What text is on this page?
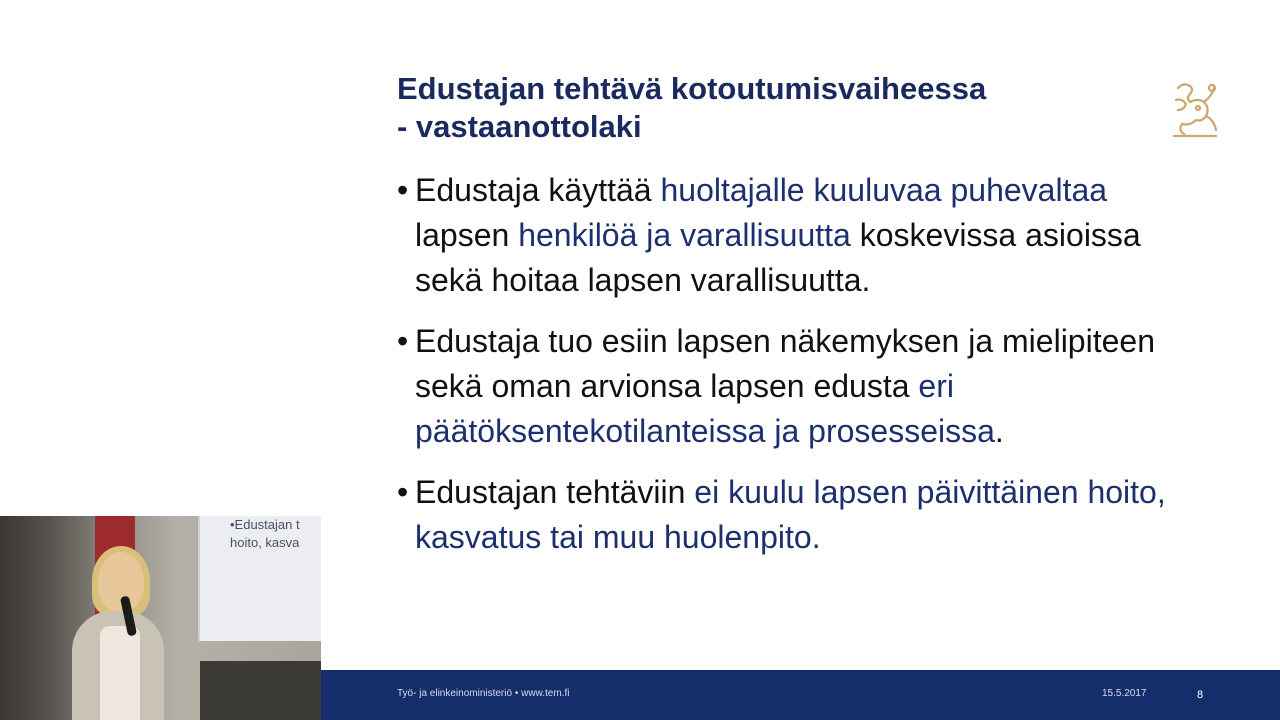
Edustajan tehtävä kotoutumisvaiheessa
- vastaanottolaki
• Edustaja käyttää huoltajalle kuuluvaa puhevaltaa lapsen henkilöä ja varallisuutta koskevissa asioissa sekä hoitaa lapsen varallisuutta.
• Edustaja tuo esiin lapsen näkemyksen ja mielipiteen sekä oman arvionsa lapsen edusta eri päätöksentekotilanteissa ja prosesseissa.
• Edustajan tehtäviin ei kuulu lapsen päivittäinen hoito, kasvatus tai muu huolenpito.
Työ- ja elinkeinoministeriö • www.tem.fi	15.5.2017	8
•Edustajan t
hoito, kasva
